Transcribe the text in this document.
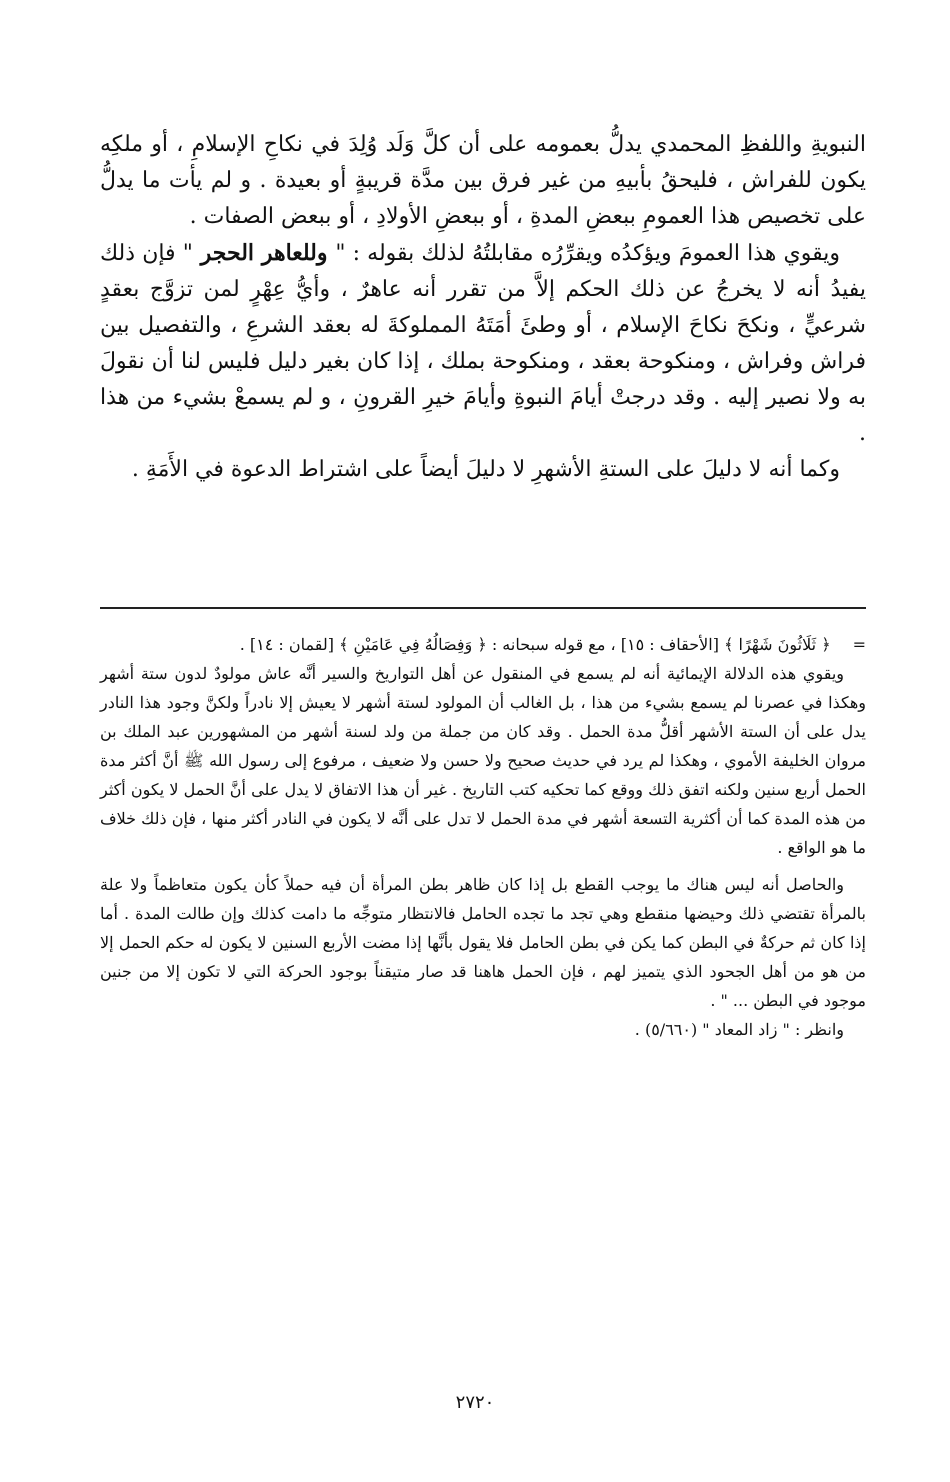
النبويةِ واللفظِ المحمدي يدلُّ بعمومه على أن كلَّ وَلَد وُلِدَ في نكاحِ الإسلامِ ، أو ملكِه يكون للفراش ، فليحقُ بأبيهِ من غير فرق بين مدَّة قريبةٍ أو بعيدة . و لم يأت ما يدلُّ على تخصيص هذا العمومِ ببعضِ المدةِ ، أو ببعضِ الأولادِ ، أو ببعض الصفات .

ويقوي هذا العمومَ ويؤكدُه ويقرِّرُه مقابلتُهُ لذلك بقوله : " وللعاهر الحجر " فإن ذلك يفيدُ أنه لا يخرجُ عن ذلك الحكم إلاَّ من تقرر أنه عاهرٌ ، وأيُّ عِهْرٍ لمن تزوَّج بعقدٍ شرعيٍّ ، ونكحَ نكاحَ الإسلام ، أو وطئَ أمَتَهُ المملوكةَ له بعقد الشرعِ ، والتفصيل بين فراش وفراش ، ومنكوحة بعقد ، ومنكوحة بملك ، إذا كان بغير دليل فليس لنا أن نقولَ به ولا نصير إليه . وقد درجتْ أيامَ النبوةِ وأيامَ خيرِ القرونِ ، و لم يسمعْ بشيء من هذا .

وكما أنه لا دليلَ على الستةِ الأشهرِ لا دليلَ أيضاً على اشتراط الدعوة في الأَمَةِ .

=﴿ ثَلَاثُونَ شَهْرًا ﴾ [الأحقاف : ١٥] ، مع قوله سبحانه : ﴿ وَفِصَالُهُ فِي عَامَيْنِ ﴾ [لقمان : ١٤] .

ويقوي هذه الدلالة الإيمائية أنه لم يسمع في المنقول عن أهل التواريخ والسير أنَّه عاش مولودٌ لدون ستة أشهر وهكذا في عصرنا لم يسمع بشيء من هذا ، بل الغالب أن المولود لستة أشهر لا يعيش إلا نادراً ولكنَّ وجود هذا النادر يدل على أن الستة الأشهر أقلُّ مدة الحمل . وقد كان من جملة من ولد لسنة أشهر من المشهورين عبد الملك بن مروان الخليفة الأموي ، وهكذا لم يرد في حديث صحيح ولا حسن ولا ضعيف ، مرفوع إلى رسول الله ﷺ أنَّ أكثر مدة الحمل أربع سنين ولكنه اتفق ذلك ووقع كما تحكيه كتب التاريخ . غير أن هذا الاتفاق لا يدل على أنَّ الحمل لا يكون أكثر من هذه المدة كما أن أكثرية التسعة أشهر في مدة الحمل لا تدل على أنَّه لا يكون في النادر أكثر منها ، فإن ذلك خلاف ما هو الواقع .

والحاصل أنه ليس هناك ما يوجب القطع بل إذا كان ظاهر بطن المرأة أن فيه حملاً كأن يكون متعاظماً ولا علة بالمرأة تقتضي ذلك وحيضها منقطع وهي تجد ما تجده الحامل فالانتظار متوجِّه ما دامت كذلك وإن طالت المدة . أما إذا كان ثم حركةٌ في البطن كما يكن في بطن الحامل فلا يقول بأنَّها إذا مضت الأربع السنين لا يكون له حكم الحمل إلا من هو من أهل الجحود الذي يتميز لهم ، فإن الحمل هاهنا قد صار متيقناً بوجود الحركة التي لا تكون إلا من جنين موجود في البطن ... " .

وانظر : " زاد المعاد " (٥/٦٦٠) .

٢٧٢٠
